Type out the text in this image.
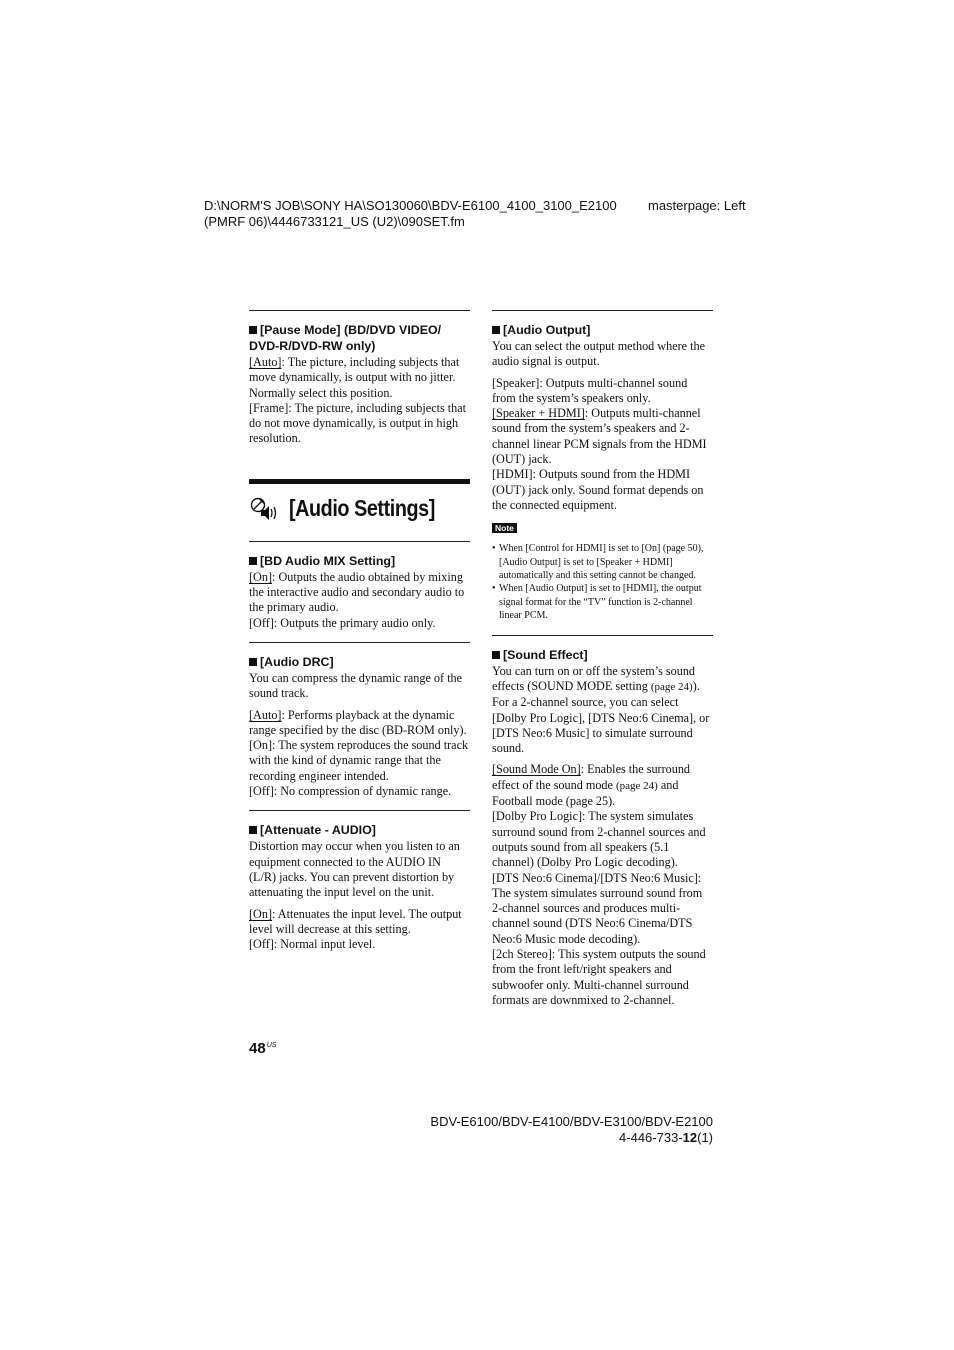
D:\NORM'S JOB\SONY HA\SO130060\BDV-E6100_4100_3100_E2100
(PMRF 06)\4446733121_US (U2)\090SET.fm
masterpage: Left
[Pause Mode] (BD/DVD VIDEO/
DVD-R/DVD-RW only)

[Auto]: The picture, including subjects that move dynamically, is output with no jitter. Normally select this position.

[Frame]: The picture, including subjects that do not move dynamically, is output in high resolution.

[Audio Settings]
[BD Audio MIX Setting]

[On]: Outputs the audio obtained by mixing the interactive audio and secondary audio to the primary audio.

[Off]: Outputs the primary audio only.

[Audio DRC]

You can compress the dynamic range of the sound track.

[Auto]: Performs playback at the dynamic range specified by the disc (BD-ROM only).

[On]: The system reproduces the sound track with the kind of dynamic range that the recording engineer intended.

[Off]: No compression of dynamic range.

[Attenuate - AUDIO]

Distortion may occur when you listen to an equipment connected to the AUDIO IN (L/R) jacks. You can prevent distortion by attenuating the input level on the unit.

[On]: Attenuates the input level. The output level will decrease at this setting.

[Off]: Normal input level.

[Audio Output]

You can select the output method where the audio signal is output.

[Speaker]: Outputs multi-channel sound from the system’s speakers only.

[Speaker + HDMI]: Outputs multi-channel sound from the system’s speakers and 2-channel linear PCM signals from the HDMI (OUT) jack.

[HDMI]: Outputs sound from the HDMI (OUT) jack only. Sound format depends on the connected equipment.

Note
• When [Control for HDMI] is set to [On] (page 50), [Audio Output] is set to [Speaker + HDMI] automatically and this setting cannot be changed.
• When [Audio Output] is set to [HDMI], the output signal format for the “TV” function is 2-channel linear PCM.
[Sound Effect]

You can turn on or off the system’s sound effects (SOUND MODE setting (page 24)). For a 2-channel source, you can select [Dolby Pro Logic], [DTS Neo:6 Cinema], or [DTS Neo:6 Music] to simulate surround sound.

[Sound Mode On]: Enables the surround effect of the sound mode (page 24) and Football mode (page 25).

[Dolby Pro Logic]: The system simulates surround sound from 2-channel sources and outputs sound from all speakers (5.1 channel) (Dolby Pro Logic decoding).

[DTS Neo:6 Cinema]/[DTS Neo:6 Music]: The system simulates surround sound from 2-channel sources and produces multi-channel sound (DTS Neo:6 Cinema/DTS Neo:6 Music mode decoding).

[2ch Stereo]: This system outputs the sound from the front left/right speakers and subwoofer only. Multi-channel surround formats are downmixed to 2-channel.

$48^{US}$
BDV-E6100/BDV-E4100/BDV-E3100/BDV-E2100
4-446-733-12(1)
